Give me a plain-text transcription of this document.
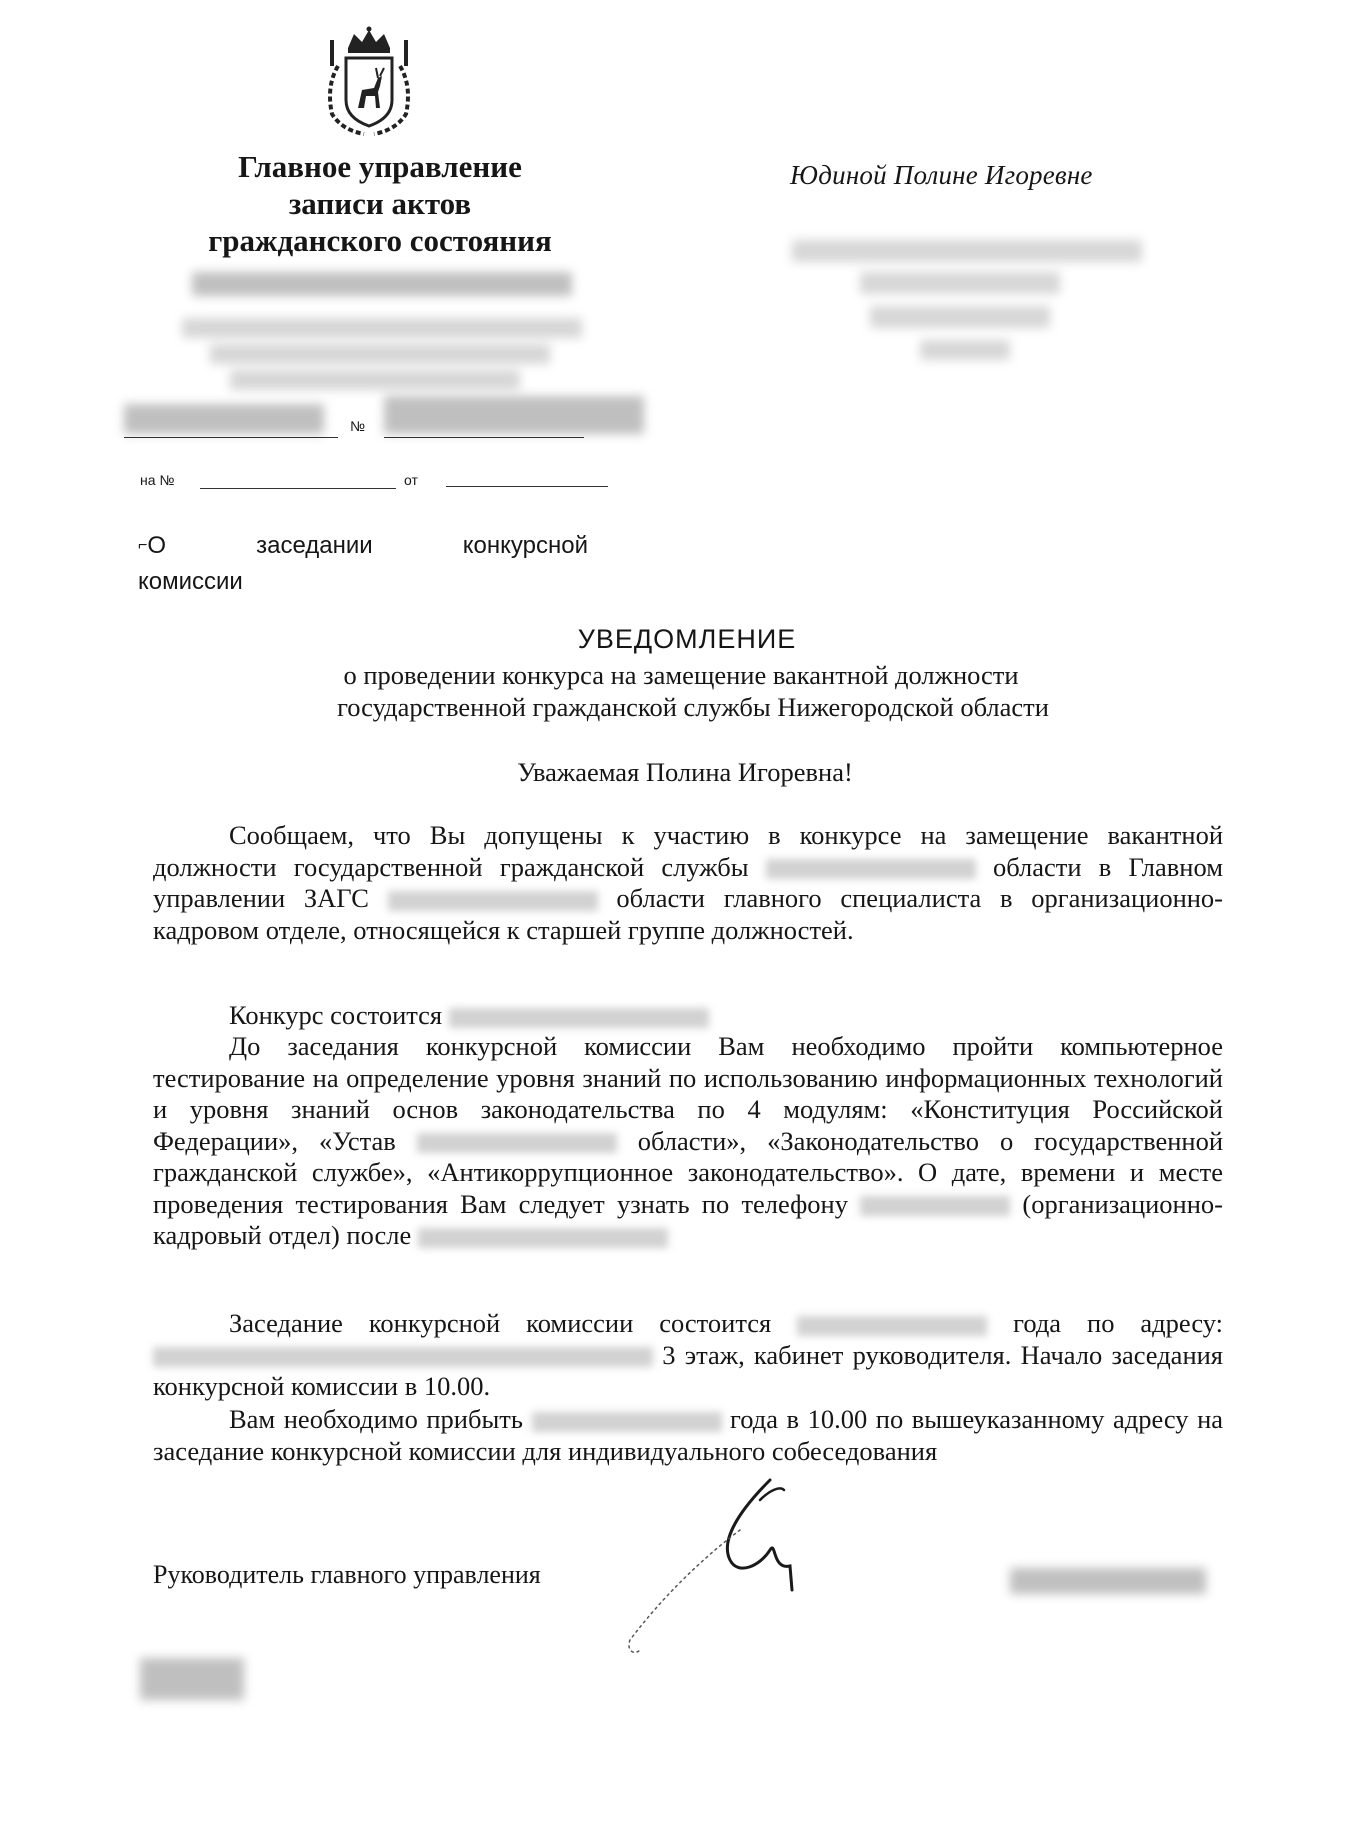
Главное управление
записи актов
гражданского состояния
№
на №	от
Юдиной Полине Игоревне
⌐О	заседании	конкурсной
комиссии
УВЕДОМЛЕНИЕ
о проведении конкурса на замещение вакантной должности
государственной гражданской службы Нижегородской области
Уважаемая Полина Игоревна!
Сообщаем, что Вы допущены к участию в конкурсе на замещение вакантной должности государственной гражданской службы	области в Главном управлении ЗАГС	области главного специалиста в организационно-кадровом отделе, относящейся к старшей группе должностей.
Конкурс состоится
До заседания конкурсной комиссии Вам необходимо пройти компьютерное тестирование на определение уровня знаний по использованию информационных технологий и уровня знаний основ законодательства по 4 модулям: «Конституция Российской Федерации», «Устав	области», «Законодательство о государственной гражданской службе», «Антикоррупционное законодательство». О дате, времени и месте проведения тестирования Вам следует узнать по телефону	(организационно-кадровый отдел) после
Заседание конкурсной комиссии состоится	года по адресу:  3 этаж, кабинет руководителя. Начало заседания конкурсной комиссии в 10.00.
Вам необходимо прибыть	года в 10.00 по вышеуказанному адресу на заседание конкурсной комиссии для индивидуального собеседования
Руководитель главного управления
